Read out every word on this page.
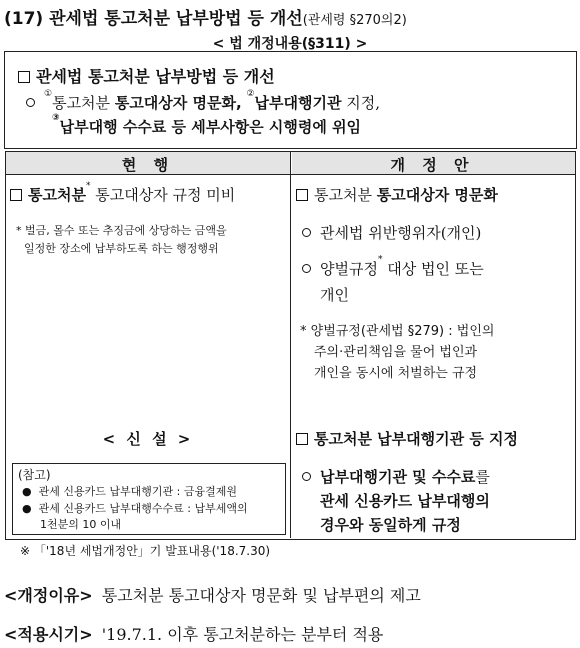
(17) 관세법 통고처분 납부방법 등 개선(관세령 §270의2)
< 법 개정내용(§311) >
관세법 통고처분 납부방법 등 개선
①통고처분 통고대상자 명문화, ②납부대행기관 지정,
③납부대행 수수료 등 세부사항은 시행령에 위임
현 행	개 정 안
통고처분* 통고대상자 규정 미비
* 벌금, 몰수 또는 추징금에 상당하는 금액을
일정한 장소에 납부하도록 하는 행정행위
< 신 설 >
(참고)
● 관세 신용카드 납부대행기관 : 금융결제원
● 관세 신용카드 납부대행수수료 : 납부세액의
1천분의 10 이내
통고처분 통고대상자 명문화
관세법 위반행위자(개인)
양벌규정* 대상 법인 또는
개인
* 양벌규정(관세법 §279) : 법인의
주의·관리책임을 물어 법인과
개인을 동시에 처벌하는 규정
통고처분 납부대행기관 등 지정
납부대행기관 및 수수료를
관세 신용카드 납부대행의
경우와 동일하게 규정
※ 「'18년 세법개정안」기 발표내용('18.7.30)
<개정이유> 통고처분 통고대상자 명문화 및 납부편의 제고
<적용시기> '19.7.1. 이후 통고처분하는 분부터 적용
